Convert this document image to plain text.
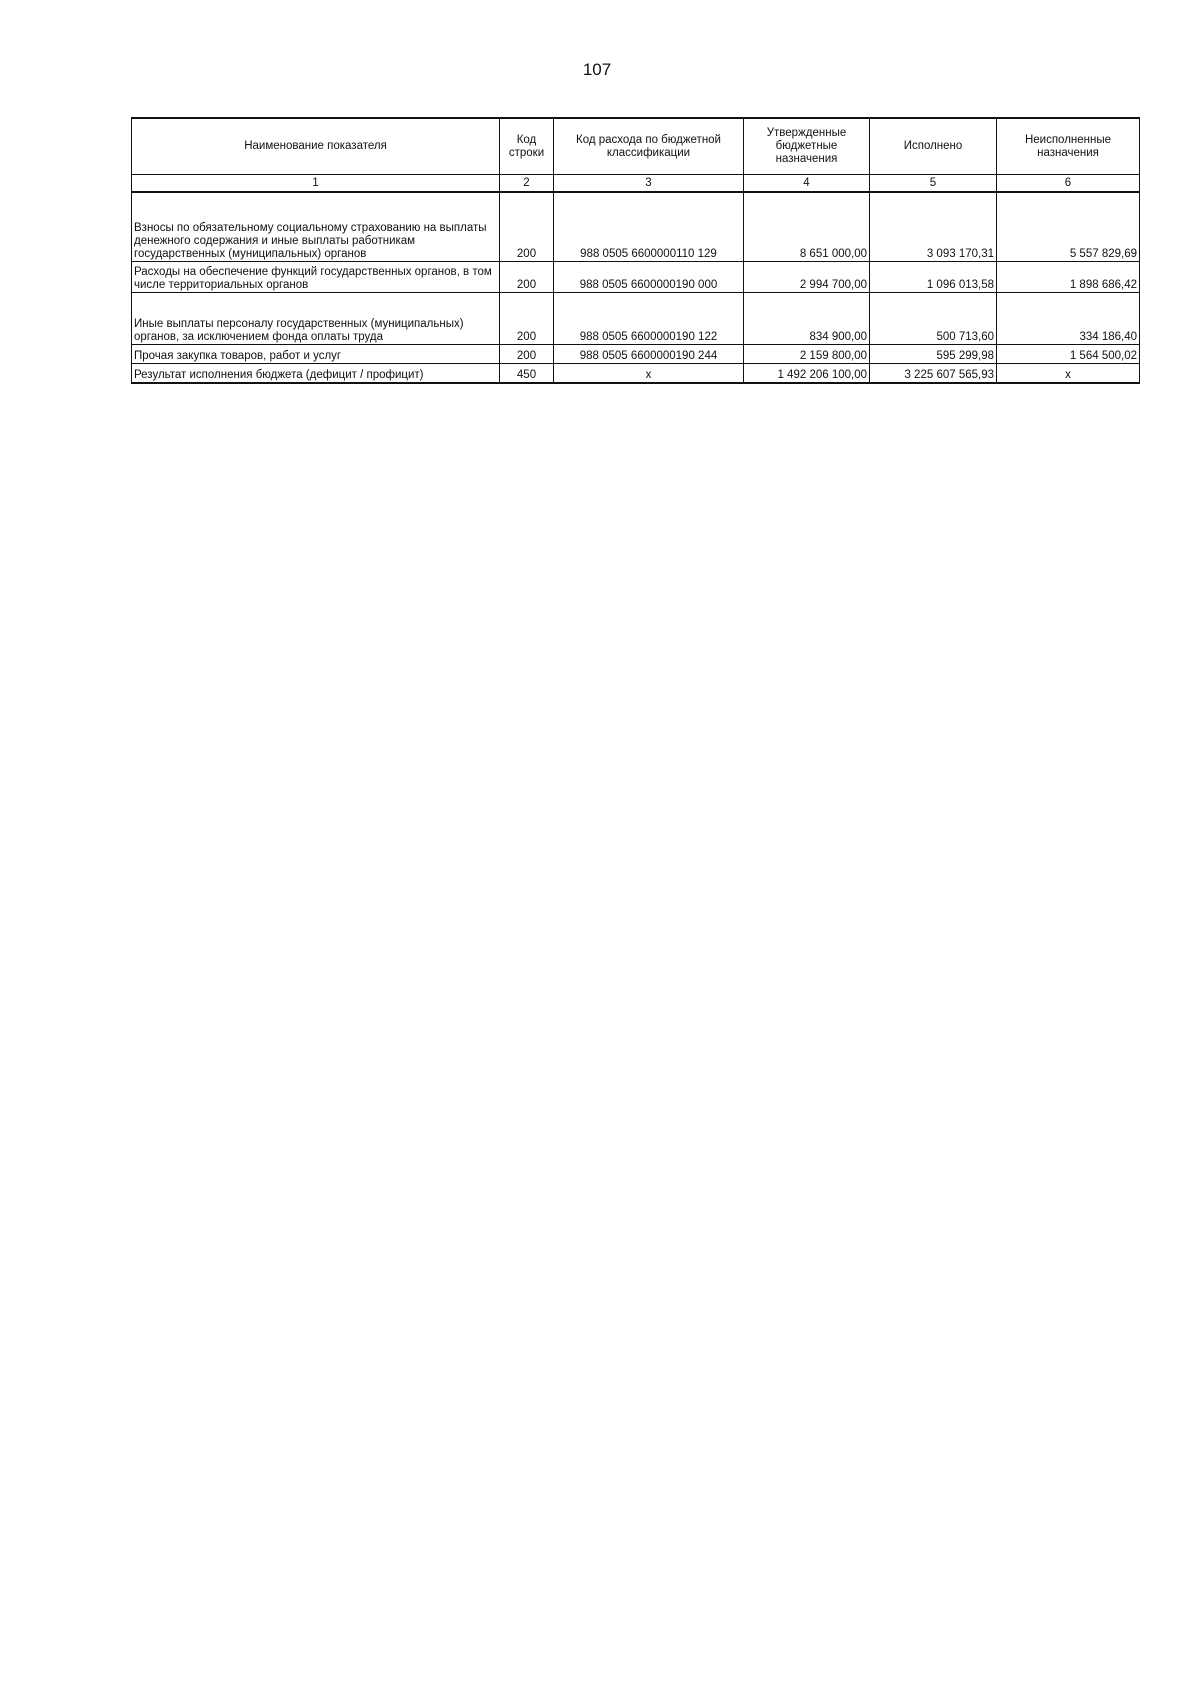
107
Наименование показателя	Код строки	Код расхода по бюджетной классификации	Утвержденные бюджетные назначения	Исполнено	Неисполненные назначения
1	2	3	4	5	6
Взносы по обязательному социальному страхованию на выплаты денежного содержания и иные выплаты работникам государственных (муниципальных) органов	200	988 0505 6600000110 129	8 651 000,00	3 093 170,31	5 557 829,69
Расходы на обеспечение функций государственных органов, в том числе территориальных органов	200	988 0505 6600000190 000	2 994 700,00	1 096 013,58	1 898 686,42
Иные выплаты персоналу государственных (муниципальных) органов, за исключением фонда оплаты труда	200	988 0505 6600000190 122	834 900,00	500 713,60	334 186,40
Прочая закупка товаров, работ и услуг	200	988 0505 6600000190 244	2 159 800,00	595 299,98	1 564 500,02
Результат исполнения бюджета (дефицит / профицит)	450	x	1 492 206 100,00	3 225 607 565,93	x
